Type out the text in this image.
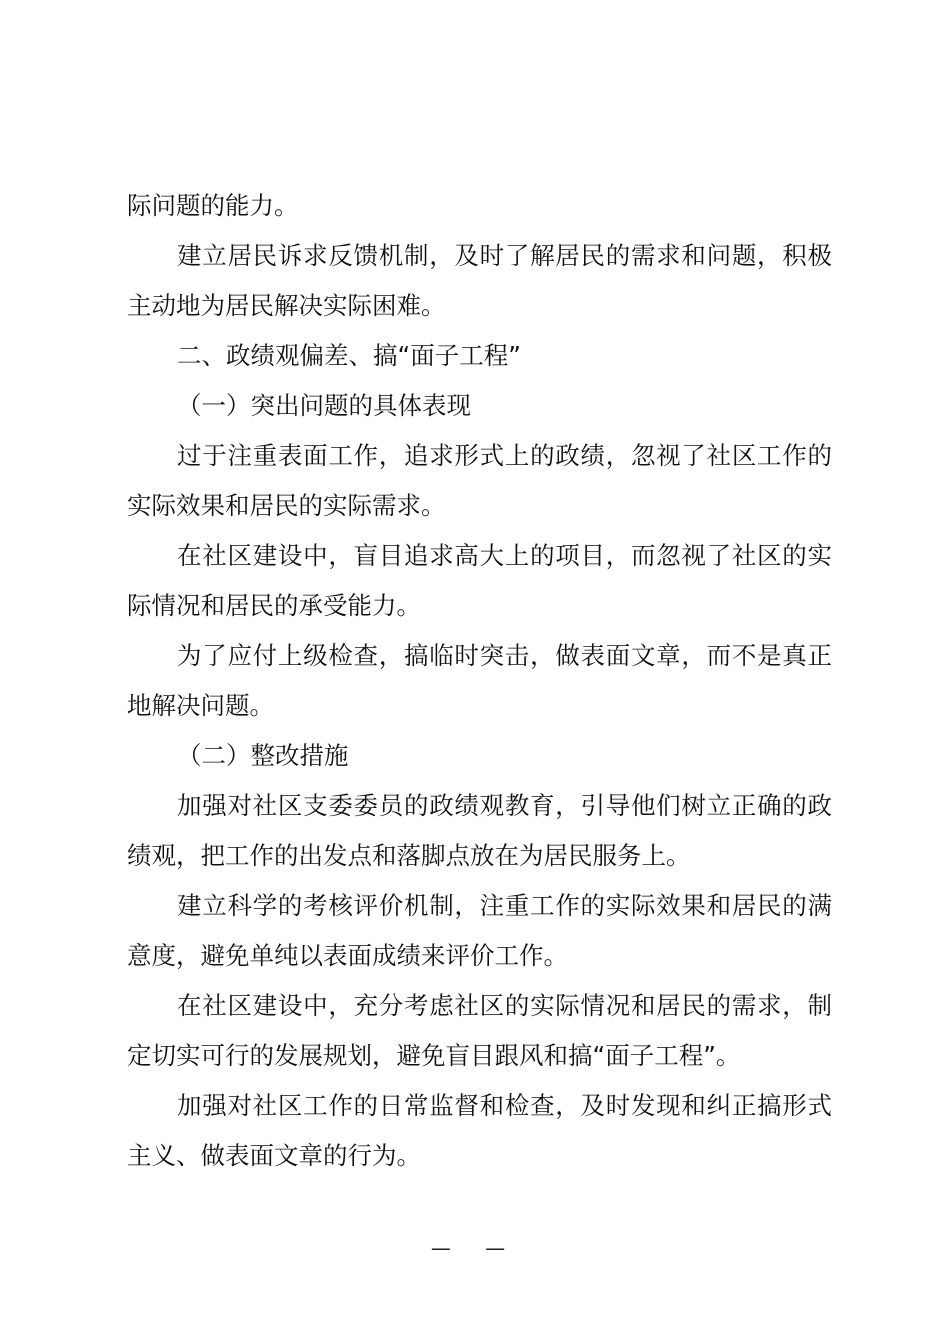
际问题的能力。

建立居民诉求反馈机制，及时了解居民的需求和问题，积极主动地为居民解决实际困难。

二、政绩观偏差、搞“面子工程”

（一）突出问题的具体表现

过于注重表面工作，追求形式上的政绩，忽视了社区工作的实际效果和居民的实际需求。

在社区建设中，盲目追求高大上的项目，而忽视了社区的实际情况和居民的承受能力。

为了应付上级检查，搞临时突击，做表面文章，而不是真正地解决问题。

（二）整改措施

加强对社区支委委员的政绩观教育，引导他们树立正确的政绩观，把工作的出发点和落脚点放在为居民服务上。

建立科学的考核评价机制，注重工作的实际效果和居民的满意度，避免单纯以表面成绩来评价工作。

在社区建设中，充分考虑社区的实际情况和居民的需求，制定切实可行的发展规划，避免盲目跟风和搞“面子工程”。

加强对社区工作的日常监督和检查，及时发现和纠正搞形式主义、做表面文章的行为。

— —
